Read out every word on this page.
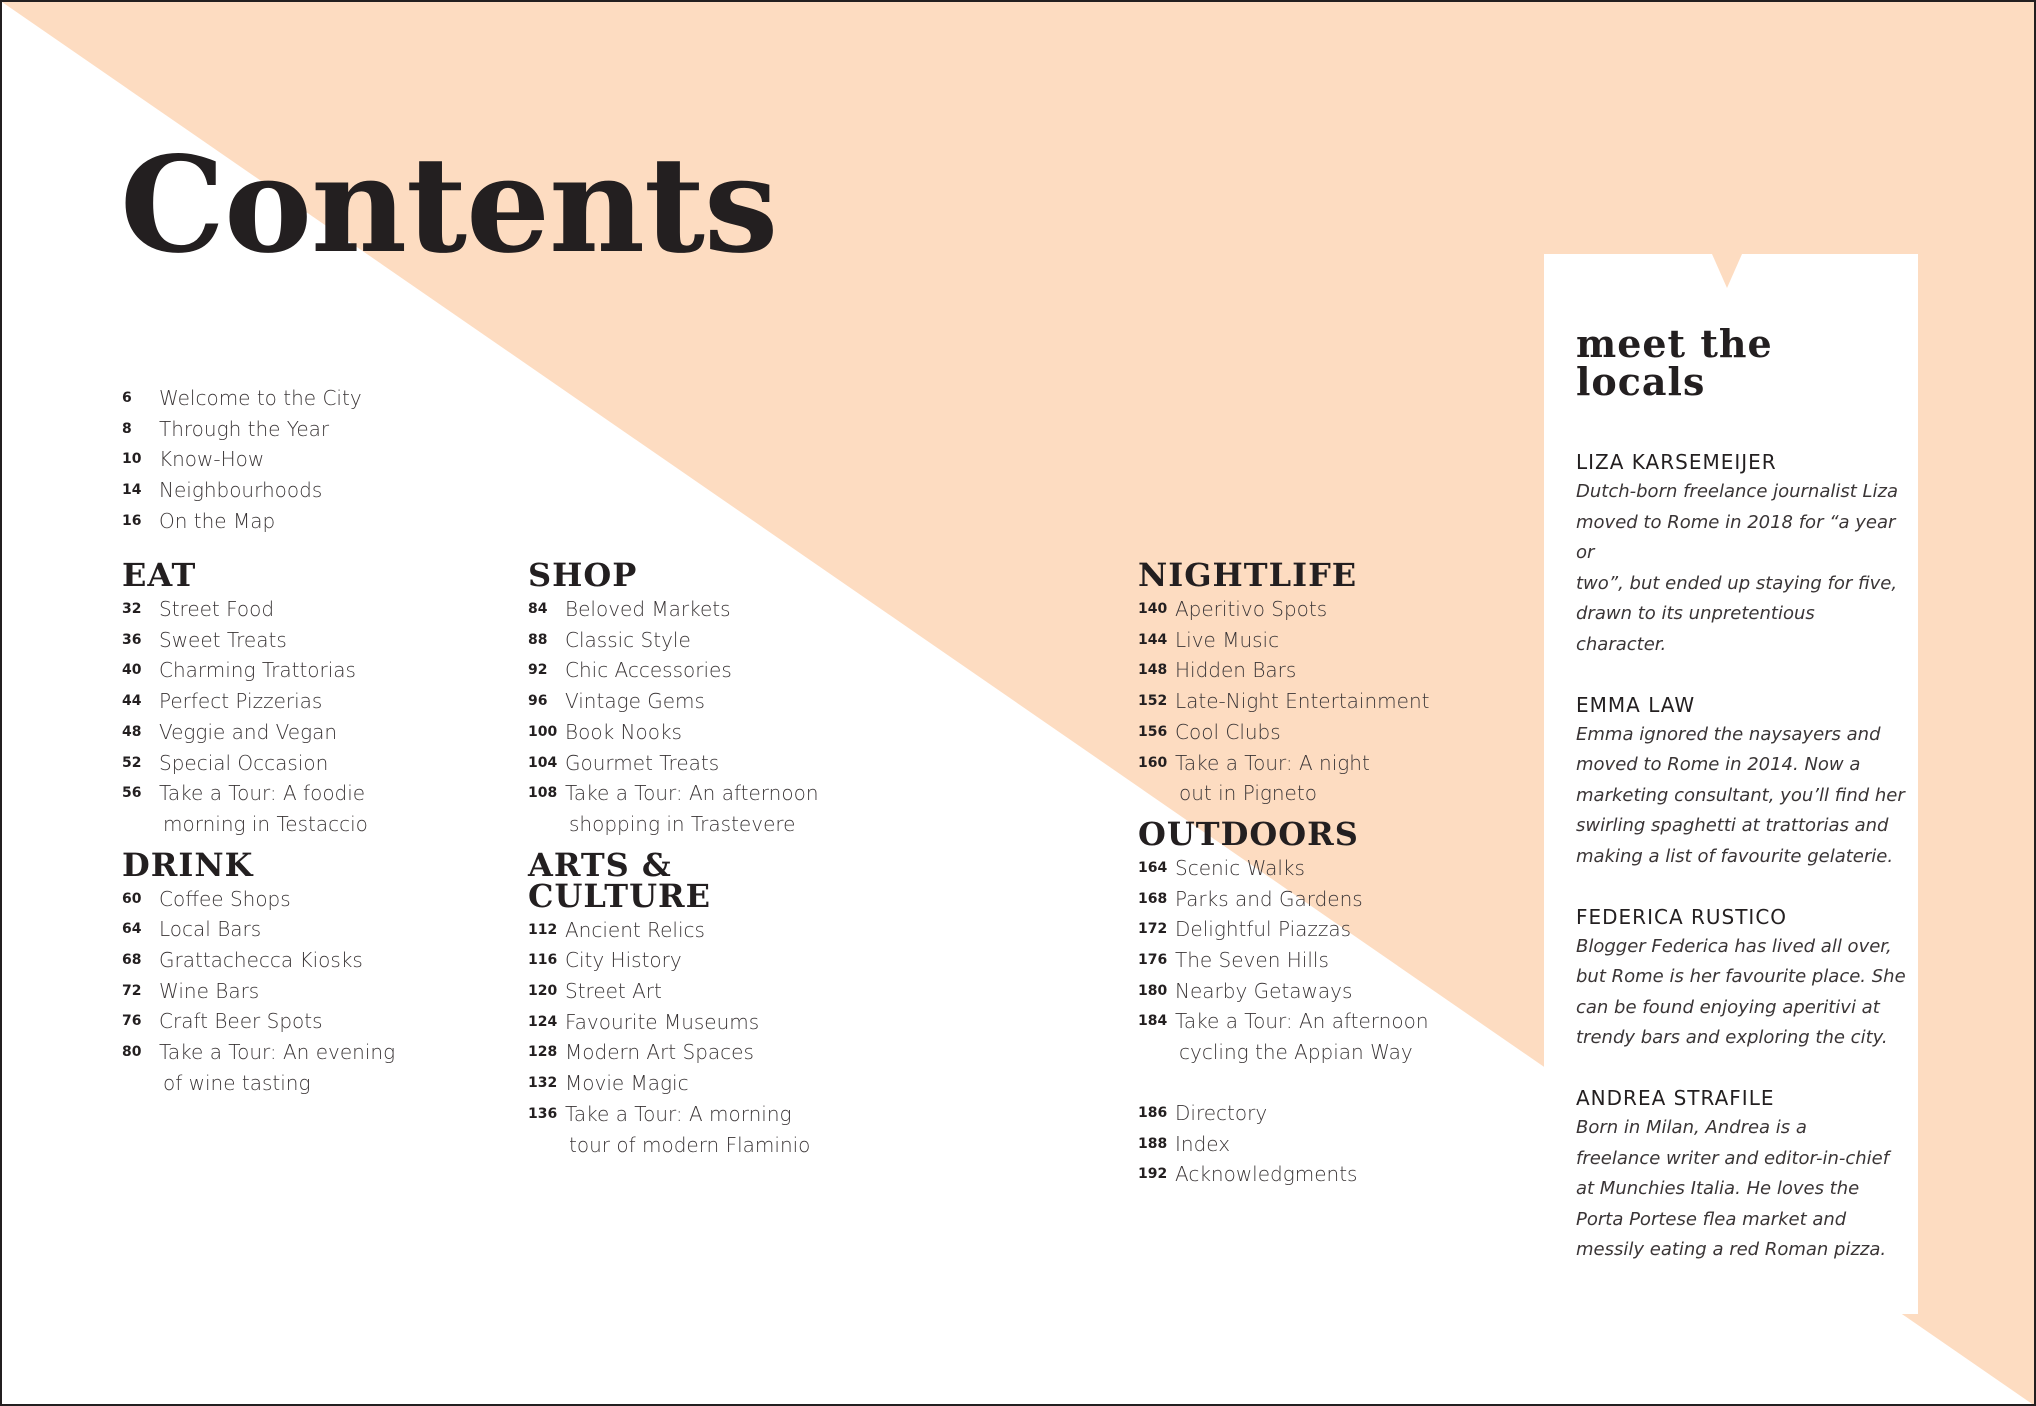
Contents
6 Welcome to the City
8 Through the Year
10 Know-How
14 Neighbourhoods
16 On the Map
EAT
32 Street Food
36 Sweet Treats
40 Charming Trattorias
44 Perfect Pizzerias
48 Veggie and Vegan
52 Special Occasion
56 Take a Tour: A foodie
morning in Testaccio
DRINK
60 Coffee Shops
64 Local Bars
68 Grattachecca Kiosks
72 Wine Bars
76 Craft Beer Spots
80 Take a Tour: An evening
of wine tasting
SHOP
84 Beloved Markets
88 Classic Style
92 Chic Accessories
96 Vintage Gems
100 Book Nooks
104 Gourmet Treats
108 Take a Tour: An afternoon
shopping in Trastevere
ARTS &
CULTURE
112 Ancient Relics
116 City History
120 Street Art
124 Favourite Museums
128 Modern Art Spaces
132 Movie Magic
136 Take a Tour: A morning
tour of modern Flaminio
NIGHTLIFE
140 Aperitivo Spots
144 Live Music
148 Hidden Bars
152 Late-Night Entertainment
156 Cool Clubs
160 Take a Tour: A night
out in Pigneto
OUTDOORS
164 Scenic Walks
168 Parks and Gardens
172 Delightful Piazzas
176 The Seven Hills
180 Nearby Getaways
184 Take a Tour: An afternoon
cycling the Appian Way
186 Directory
188 Index
192 Acknowledgments
meet the
locals
LIZA KARSEMEIJER
Dutch-born freelance journalist Liza
moved to Rome in 2018 for “a year or
two”, but ended up staying for five,
drawn to its unpretentious character.
EMMA LAW
Emma ignored the naysayers and
moved to Rome in 2014. Now a
marketing consultant, you’ll find her
swirling spaghetti at trattorias and
making a list of favourite gelaterie.
FEDERICA RUSTICO
Blogger Federica has lived all over,
but Rome is her favourite place. She
can be found enjoying aperitivi at
trendy bars and exploring the city.
ANDREA STRAFILE
Born in Milan, Andrea is a
freelance writer and editor-in-chief
at Munchies Italia. He loves the
Porta Portese flea market and
messily eating a red Roman pizza.
